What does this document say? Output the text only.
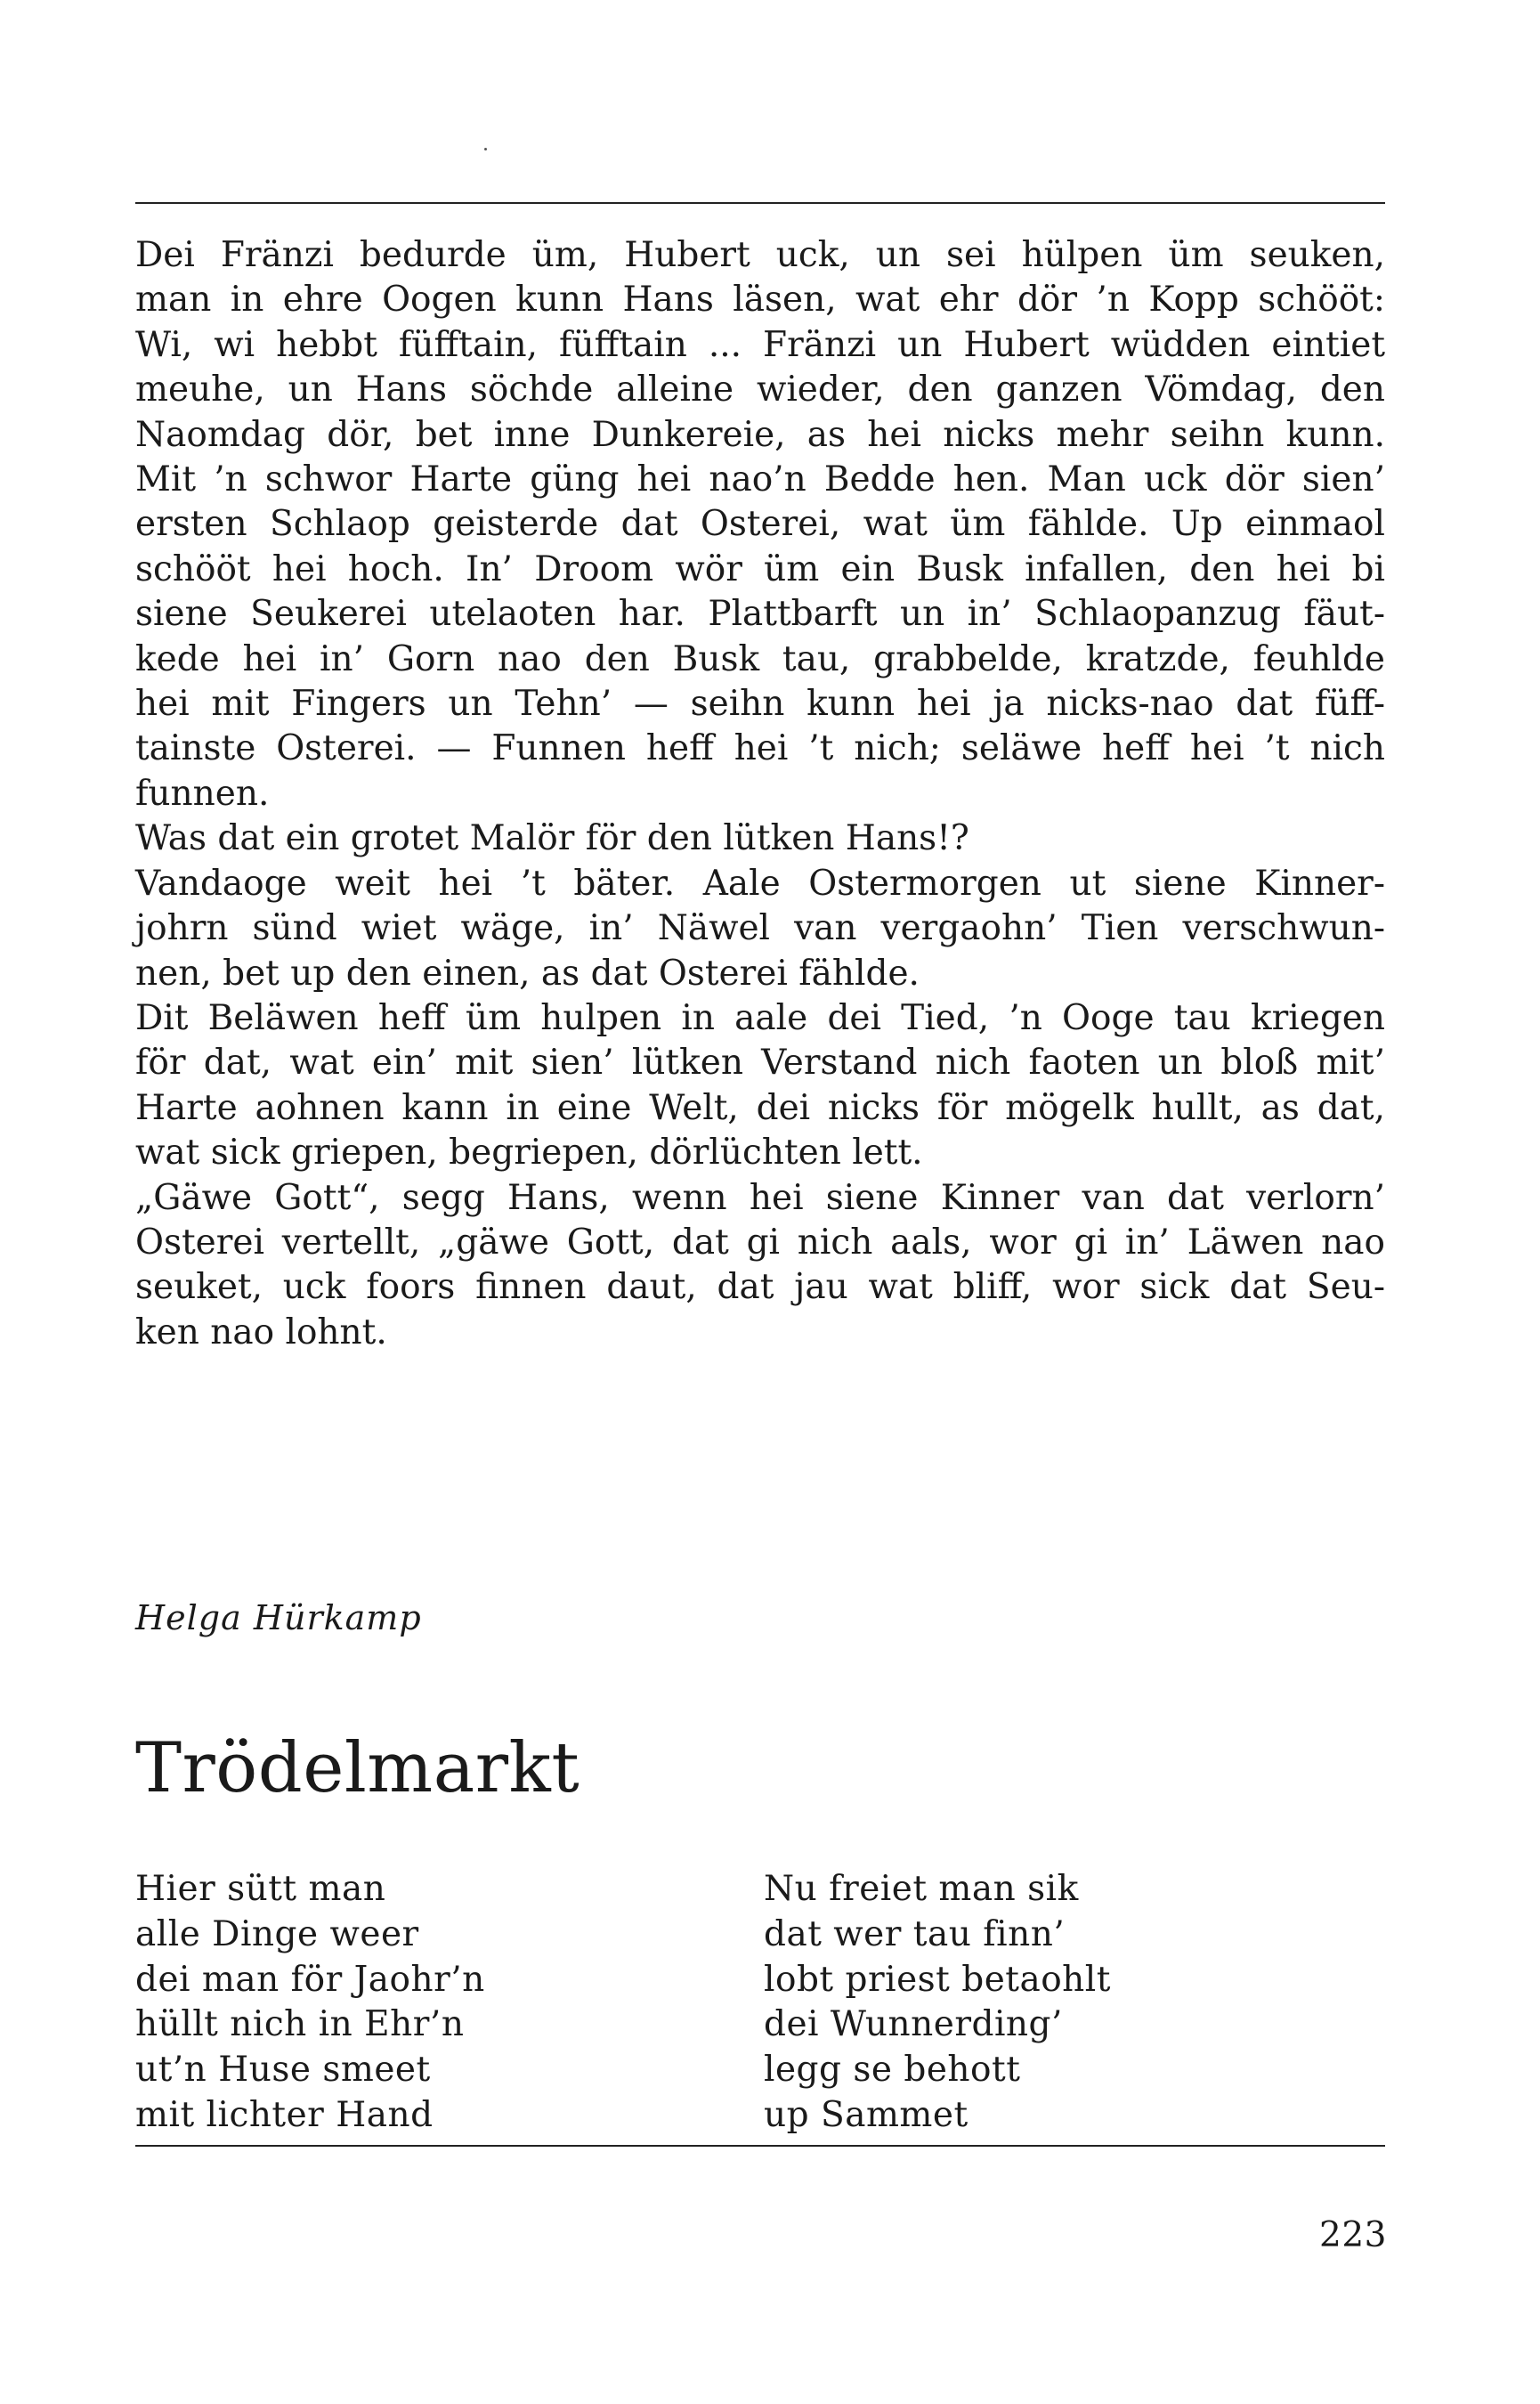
Dei Fränzi bedurde üm, Hubert uck, un sei hülpen üm seuken,
man in ehre Oogen kunn Hans läsen, wat ehr dör ’n Kopp schööt:
Wi, wi hebbt füfftain, füfftain ... Fränzi un Hubert wüdden eintiet
meuhe, un Hans söchde alleine wieder, den ganzen Vömdag, den
Naomdag dör, bet inne Dunkereie, as hei nicks mehr seihn kunn.
Mit ’n schwor Harte güng hei nao’n Bedde hen. Man uck dör sien’
ersten Schlaop geisterde dat Osterei, wat üm fählde. Up einmaol
schööt hei hoch. In’ Droom wör üm ein Busk infallen, den hei bi
siene Seukerei utelaoten har. Plattbarft un in’ Schlaopanzug fäut-
kede hei in’ Gorn nao den Busk tau, grabbelde, kratzde, feuhlde
hei mit Fingers un Tehn’ — seihn kunn hei ja nicks-nao dat füff-
tainste Osterei. — Funnen heff hei ’t nich; seläwe heff hei ’t nich
funnen.
Was dat ein grotet Malör för den lütken Hans!?
Vandaoge weit hei ’t bäter. Aale Ostermorgen ut siene Kinner-
johrn sünd wiet wäge, in’ Näwel van vergaohn’ Tien verschwun-
nen, bet up den einen, as dat Osterei fählde.
Dit Beläwen heff üm hulpen in aale dei Tied, ’n Ooge tau kriegen
för dat, wat ein’ mit sien’ lütken Verstand nich faoten un bloß mit’
Harte aohnen kann in eine Welt, dei nicks för mögelk hullt, as dat,
wat sick griepen, begriepen, dörlüchten lett.
„Gäwe Gott“, segg Hans, wenn hei siene Kinner van dat verlorn’
Osterei vertellt, „gäwe Gott, dat gi nich aals, wor gi in’ Läwen nao
seuket, uck foors finnen daut, dat jau wat bliff, wor sick dat Seu-
ken nao lohnt.
Helga Hürkamp
Trödelmarkt
Hier sütt man
alle Dinge weer
dei man för Jaohr’n
hüllt nich in Ehr’n
ut’n Huse smeet
mit lichter Hand
Nu freiet man sik
dat wer tau finn’
lobt priest betaohlt
dei Wunnerding’
legg se behott
up Sammet
223
